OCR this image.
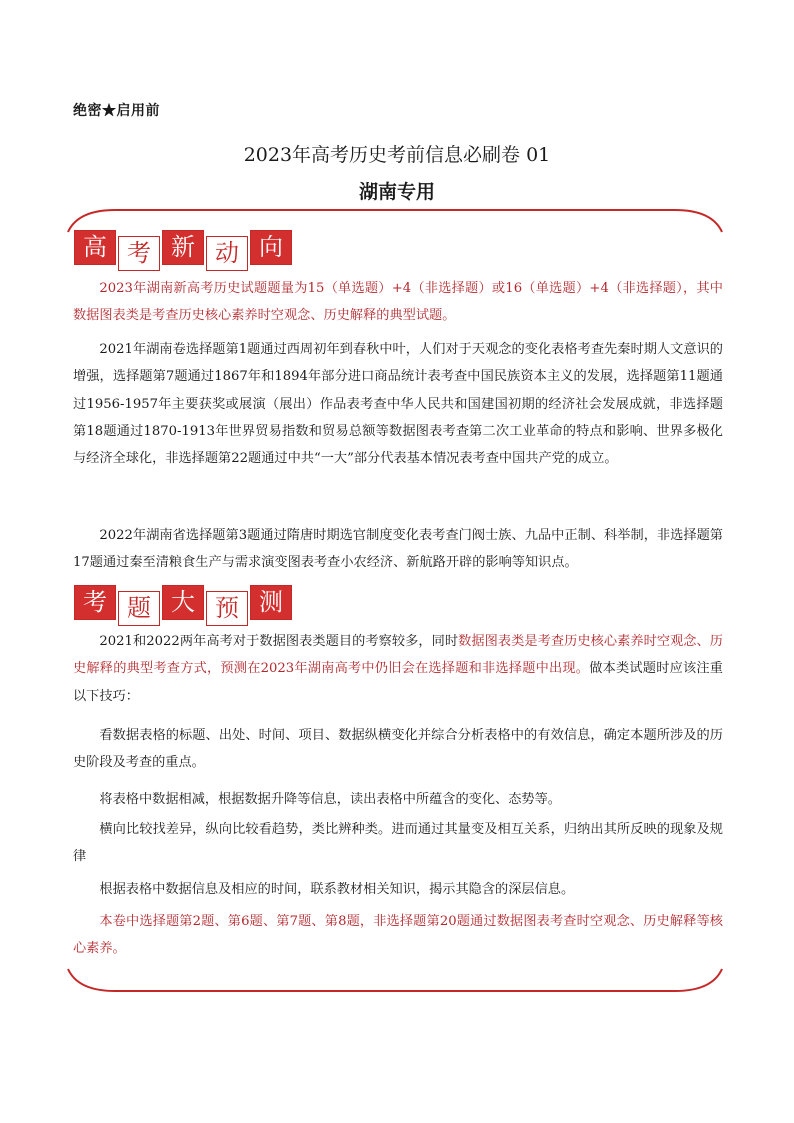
绝密★启用前
2023年高考历史考前信息必刷卷 01
湖南专用
高 考 新 动 向

2023年湖南新高考历史试题题量为15（单选题）+4（非选择题）或16（单选题）+4（非选择题），其中数据图表类是考查历史核心素养时空观念、历史解释的典型试题。

2021年湖南卷选择题第1题通过西周初年到春秋中叶，人们对于天观念的变化表格考查先秦时期人文意识的增强，选择题第7题通过1867年和1894年部分进口商品统计表考查中国民族资本主义的发展，选择题第11题通过1956-1957年主要获奖或展演（展出）作品表考查中华人民共和国建国初期的经济社会发展成就，非选择题第18题通过1870-1913年世界贸易指数和贸易总额等数据图表考查第二次工业革命的特点和影响、世界多极化与经济全球化，非选择题第22题通过中共“一大”部分代表基本情况表考查中国共产党的成立。

2022年湖南省选择题第3题通过隋唐时期选官制度变化表考查门阀士族、九品中正制、科举制，非选择题第17题通过秦至清粮食生产与需求演变图表考查小农经济、新航路开辟的影响等知识点。

考 题 大 预 测

2021和2022两年高考对于数据图表类题目的考察较多，同时数据图表类是考查历史核心素养时空观念、历史解释的典型考查方式，预测在2023年湖南高考中仍旧会在选择题和非选择题中出现。做本类试题时应该注重以下技巧：

看数据表格的标题、出处、时间、项目、数据纵横变化并综合分析表格中的有效信息，确定本题所涉及的历史阶段及考查的重点。

将表格中数据相减，根据数据升降等信息，读出表格中所蕴含的变化、态势等。

横向比较找差异，纵向比较看趋势，类比辨种类。进而通过其量变及相互关系，归纳出其所反映的现象及规律

根据表格中数据信息及相应的时间，联系教材相关知识，揭示其隐含的深层信息。

本卷中选择题第2题、第6题、第7题、第8题，非选择题第20题通过数据图表考查时空观念、历史解释等核心素养。
